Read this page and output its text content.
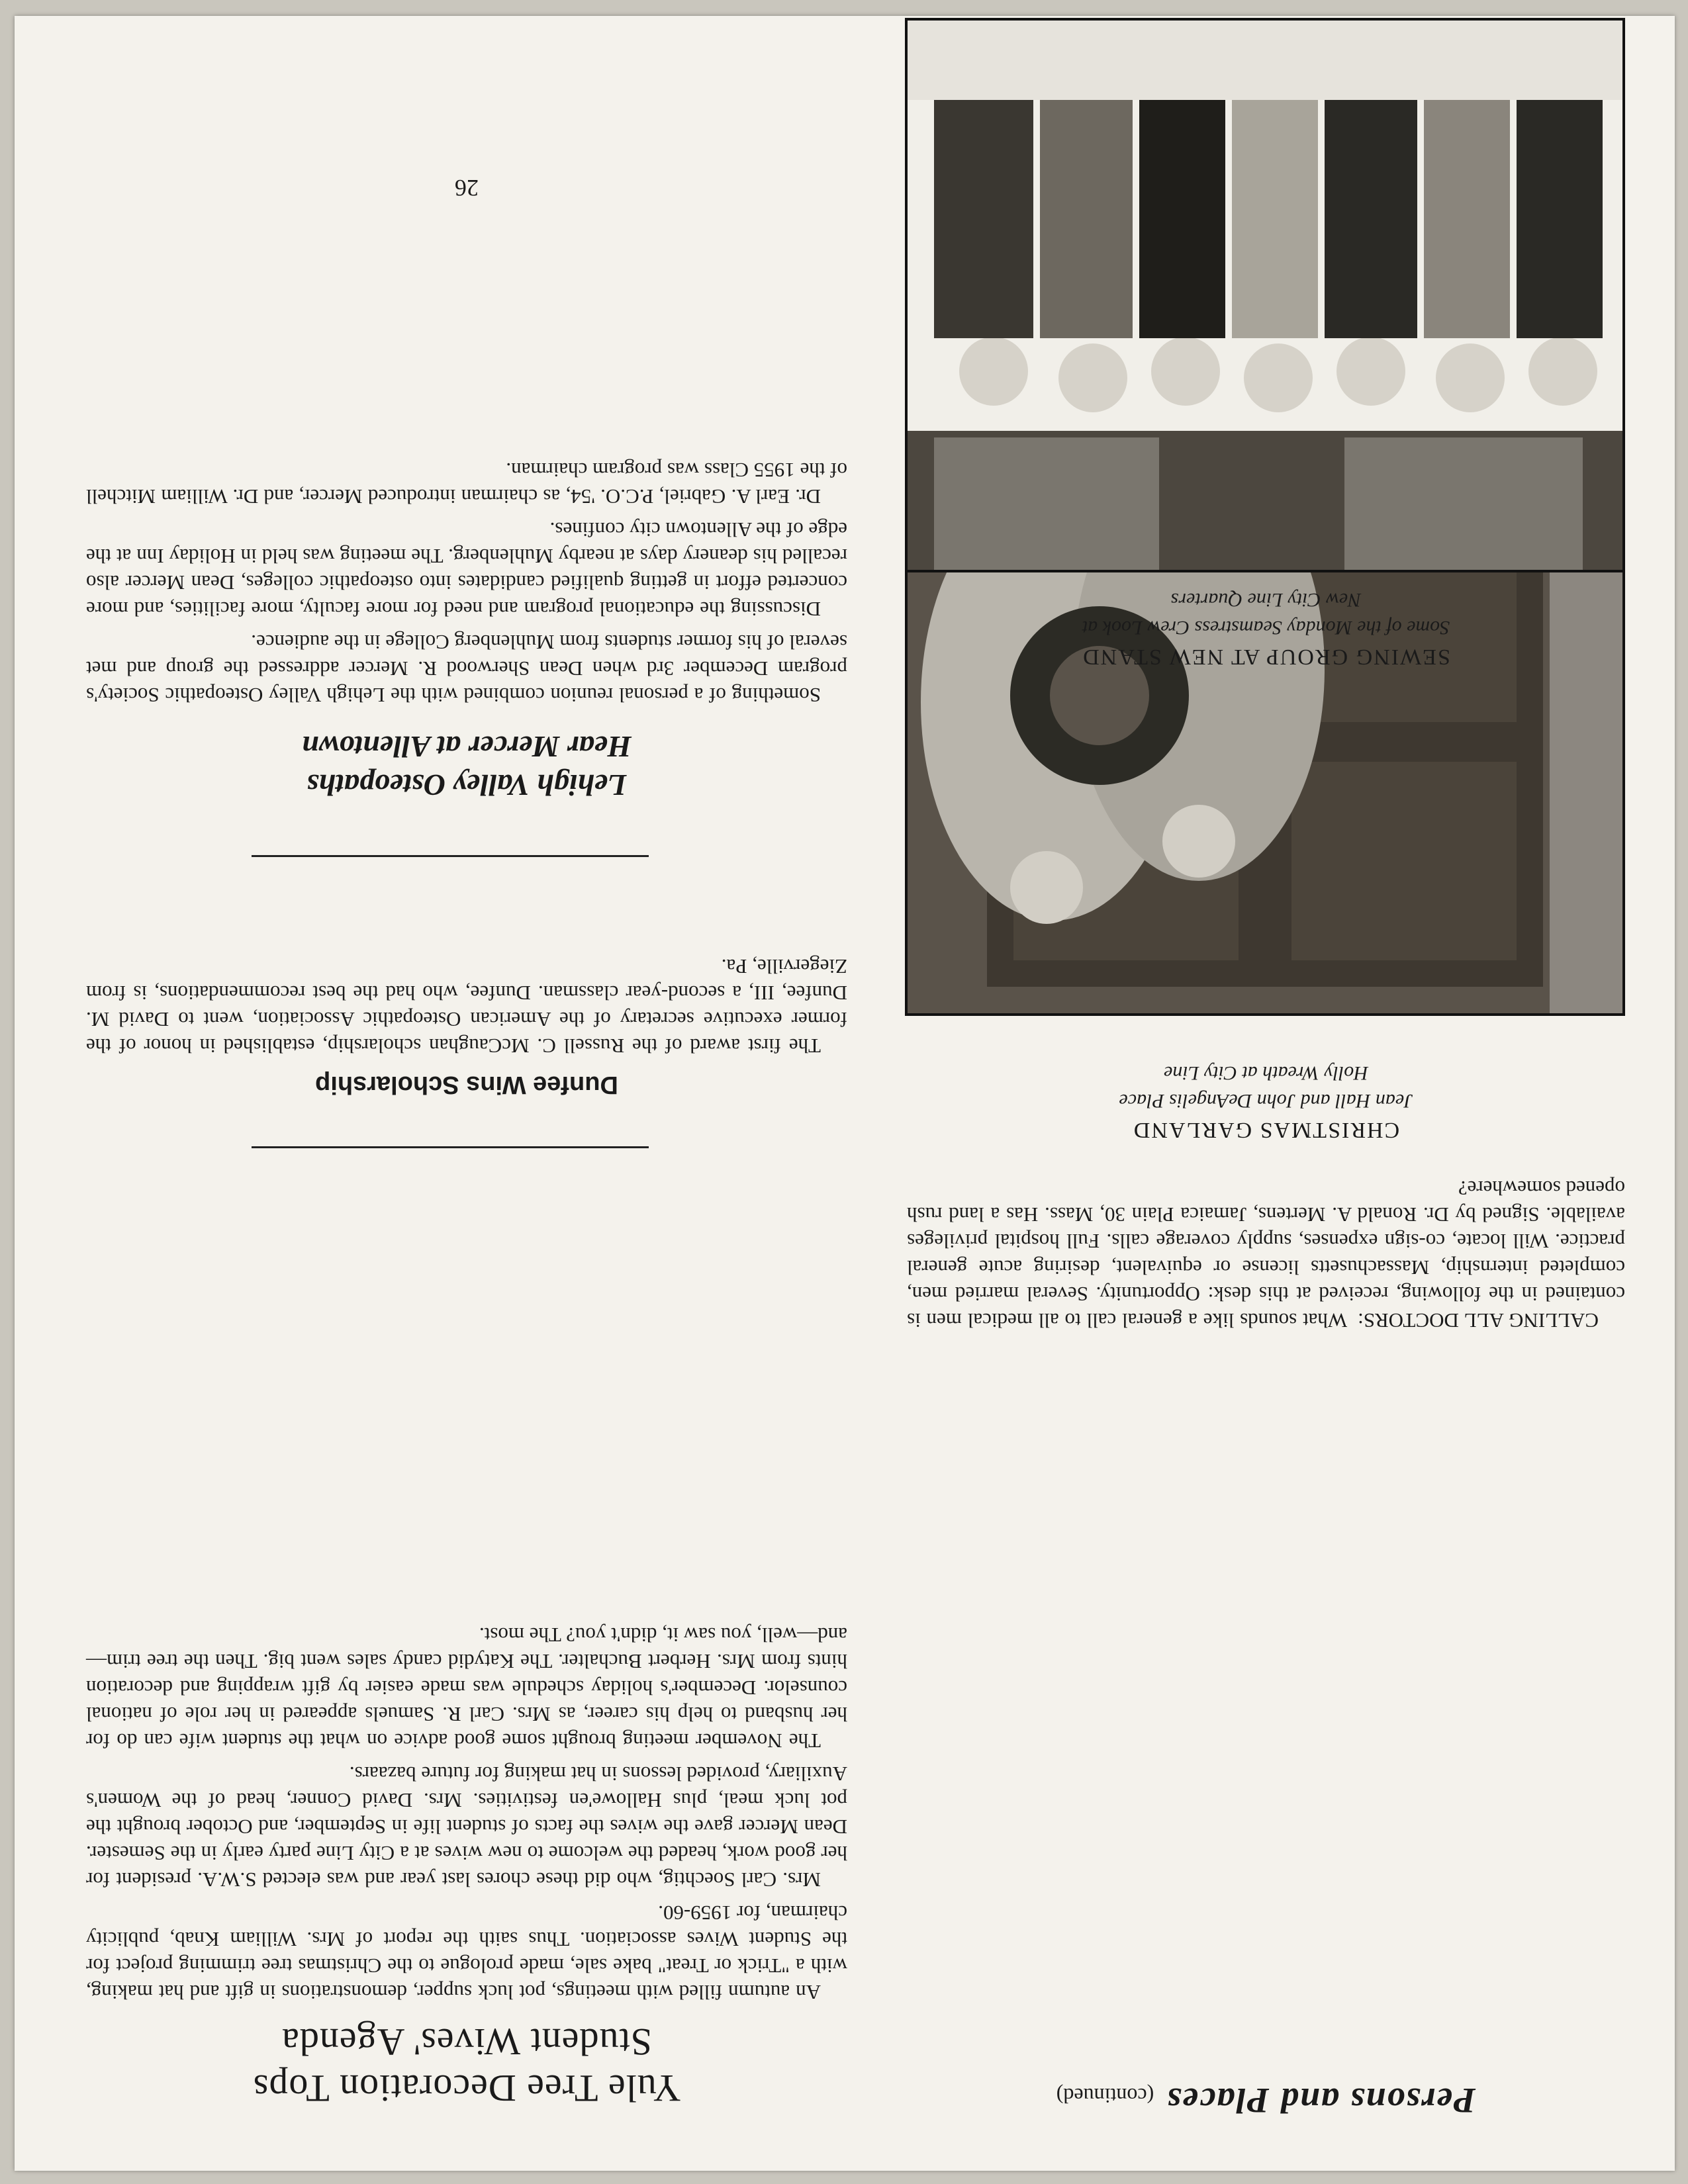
Persons and Places (continued)

CALLING ALL DOCTORS:What sounds like a general call to all medical men is contained in the following, received at this desk: Opportunity. Several married men, completed internship, Massachusetts license or equivalent, desiring acute general practice. Will locate, co-sign expenses, supply coverage calls. Full hospital privileges available. Signed by Dr. Ronald A. Mertens, Jamaica Plain 30, Mass. Has a land rush opened somewhere?

CHRISTMAS GARLAND
Jean Hall and John DeAngelis Place
Holly Wreath at City Line
SEWING GROUP AT NEW STAND
Some of the Monday Seamstress Crew Look at
New City Line Quarters
Yule Tree Decoration Tops
Student Wives' Agenda

An autumn filled with meetings, pot luck supper, demonstrations in gift and hat making, with a "Trick or Treat" bake sale, made prologue to the Christmas tree trimming project for the Student Wives association. Thus saith the report of Mrs. William Knab, publicity chairman, for 1959-60.

Mrs. Carl Soechtig, who did these chores last year and was elected S.W.A. president for her good work, headed the welcome to new wives at a City Line party early in the Semester. Dean Mercer gave the wives the facts of student life in September, and October brought the pot luck meal, plus Hallowe'en festivities. Mrs. David Conner, head of the Women's Auxiliary, provided lessons in hat making for future bazaars.

The November meeting brought some good advice on what the student wife can do for her husband to help his career, as Mrs. Carl R. Samuels appeared in her role of national counselor. December's holiday schedule was made easier by gift wrapping and decoration hints from Mrs. Herbert Buchalter. The Katydid candy sales went big. Then the tree trim—and—well, you saw it, didn't you? The most.

Dunfee Wins Scholarship

The first award of the Russell C. McCaughan scholarship, established in honor of the former executive secretary of the American Osteopathic Association, went to David M. Dunfee, III, a second-year classman. Dunfee, who had the best recommendations, is from Ziegerville, Pa.

Lehigh Valley Osteopaths
Hear Mercer at Allentown

Something of a personal reunion combined with the Lehigh Valley Osteopathic Society's program December 3rd when Dean Sherwood R. Mercer addressed the group and met several of his former students from Muhlenberg College in the audience.

Discussing the educational program and need for more faculty, more facilities, and more concerted effort in getting qualified candidates into osteopathic colleges, Dean Mercer also recalled his deanery days at nearby Muhlenberg. The meeting was held in Holiday Inn at the edge of the Allentown city confines.

Dr. Earl A. Gabriel, P.C.O. '54, as chairman introduced Mercer, and Dr. William Mitchell of the 1955 Class was program chairman.

26
